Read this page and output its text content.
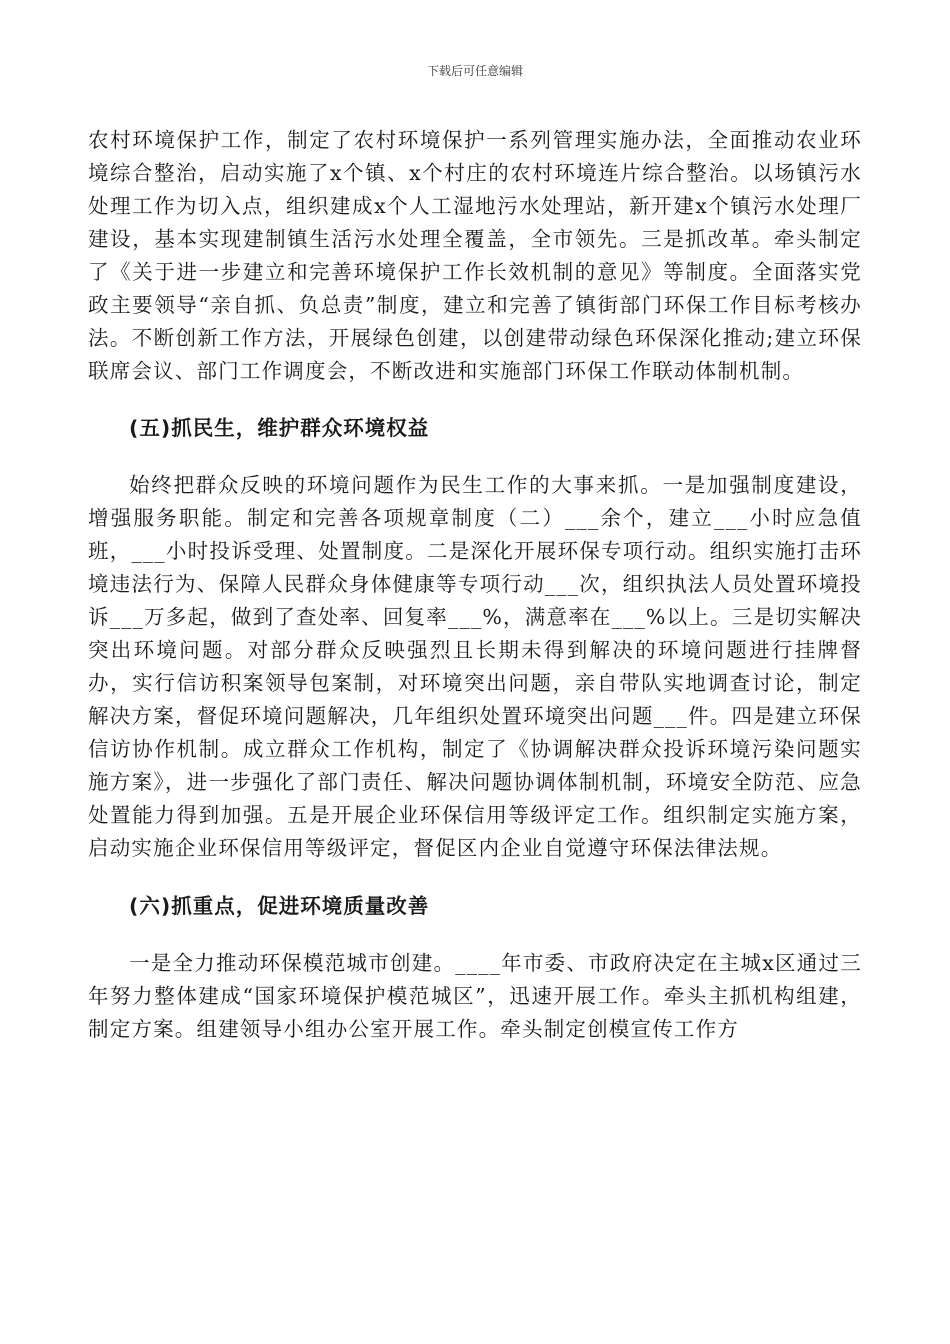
下载后可任意编辑

农村环境保护工作，制定了农村环境保护一系列管理实施办法，全面推动农业环境综合整治，启动实施了x个镇、x个村庄的农村环境连片综合整治。以场镇污水处理工作为切入点，组织建成x个人工湿地污水处理站，新开建x个镇污水处理厂建设，基本实现建制镇生活污水处理全覆盖，全市领先。三是抓改革。牵头制定了《关于进一步建立和完善环境保护工作长效机制的意见》等制度。全面落实党政主要领导“亲自抓、负总责”制度，建立和完善了镇街部门环保工作目标考核办法。不断创新工作方法，开展绿色创建，以创建带动绿色环保深化推动;建立环保联席会议、部门工作调度会，不断改进和实施部门环保工作联动体制机制。

(五)抓民生，维护群众环境权益

始终把群众反映的环境问题作为民生工作的大事来抓。一是加强制度建设，增强服务职能。制定和完善各项规章制度（二）___余个，建立___小时应急值班，___小时投诉受理、处置制度。二是深化开展环保专项行动。组织实施打击环境违法行为、保障人民群众身体健康等专项行动___次，组织执法人员处置环境投诉___万多起，做到了查处率、回复率___%，满意率在___%以上。三是切实解决突出环境问题。对部分群众反映强烈且长期未得到解决的环境问题进行挂牌督办，实行信访积案领导包案制，对环境突出问题，亲自带队实地调查讨论，制定解决方案，督促环境问题解决，几年组织处置环境突出问题___件。四是建立环保信访协作机制。成立群众工作机构，制定了《协调解决群众投诉环境污染问题实施方案》，进一步强化了部门责任、解决问题协调体制机制，环境安全防范、应急处置能力得到加强。五是开展企业环保信用等级评定工作。组织制定实施方案，启动实施企业环保信用等级评定，督促区内企业自觉遵守环保法律法规。

(六)抓重点，促进环境质量改善

一是全力推动环保模范城市创建。____年市委、市政府决定在主城x区通过三年努力整体建成“国家环境保护模范城区”，迅速开展工作。牵头主抓机构组建，制定方案。组建领导小组办公室开展工作。牵头制定创模宣传工作方
